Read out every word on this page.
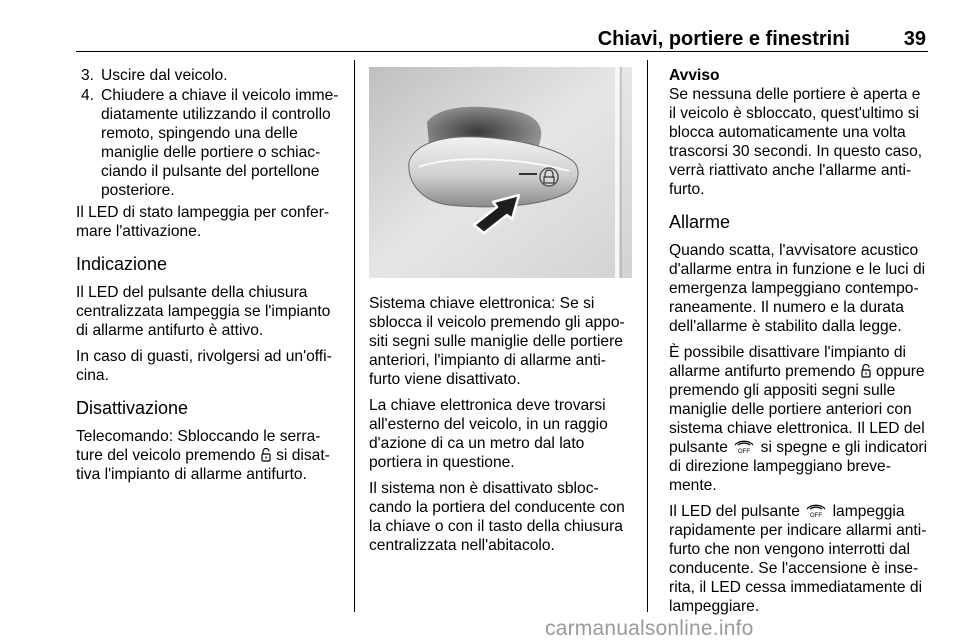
Chiavi, portiere e finestrini	39
3. Uscire dal veicolo.
4. Chiudere a chiave il veicolo imme-diatamente utilizzando il controllo remoto, spingendo una delle maniglie delle portiere o schiac-ciando il pulsante del portellone posteriore.

Il LED di stato lampeggia per confer-mare l'attivazione.

Indicazione

Il LED del pulsante della chiusura centralizzata lampeggia se l'impianto di allarme antifurto è attivo.

In caso di guasti, rivolgersi ad un'offi-cina.

Disattivazione

Telecomando: Sbloccando le serra-ture del veicolo premendo si disat-tiva l'impianto di allarme antifurto.

Sistema chiave elettronica: Se si sblocca il veicolo premendo gli appo-siti segni sulle maniglie delle portiere anteriori, l'impianto di allarme anti-furto viene disattivato.

La chiave elettronica deve trovarsi all'esterno del veicolo, in un raggio d'azione di ca un metro dal lato portiera in questione.

Il sistema non è disattivato sbloc-cando la portiera del conducente con la chiave o con il tasto della chiusura centralizzata nell'abitacolo.

Avviso

Se nessuna delle portiere è aperta e il veicolo è sbloccato, quest'ultimo si blocca automaticamente una volta trascorsi 30 secondi. In questo caso, verrà riattivato anche l'allarme anti-furto.

Allarme

Quando scatta, l'avvisatore acustico d'allarme entra in funzione e le luci di emergenza lampeggiano contempo-raneamente. Il numero e la durata dell'allarme è stabilito dalla legge.

È possibile disattivare l'impianto di allarme antifurto premendo oppure premendo gli appositi segni sulle maniglie delle portiere anteriori con sistema chiave elettronica. Il LED del pulsante OFF si spegne e gli indicatori di direzione lampeggiano breve-mente.

Il LED del pulsante OFF lampeggia rapidamente per indicare allarmi anti-furto che non vengono interrotti dal conducente. Se l'accensione è inse-rita, il LED cessa immediatamente di lampeggiare.

carmanualsonline.info
